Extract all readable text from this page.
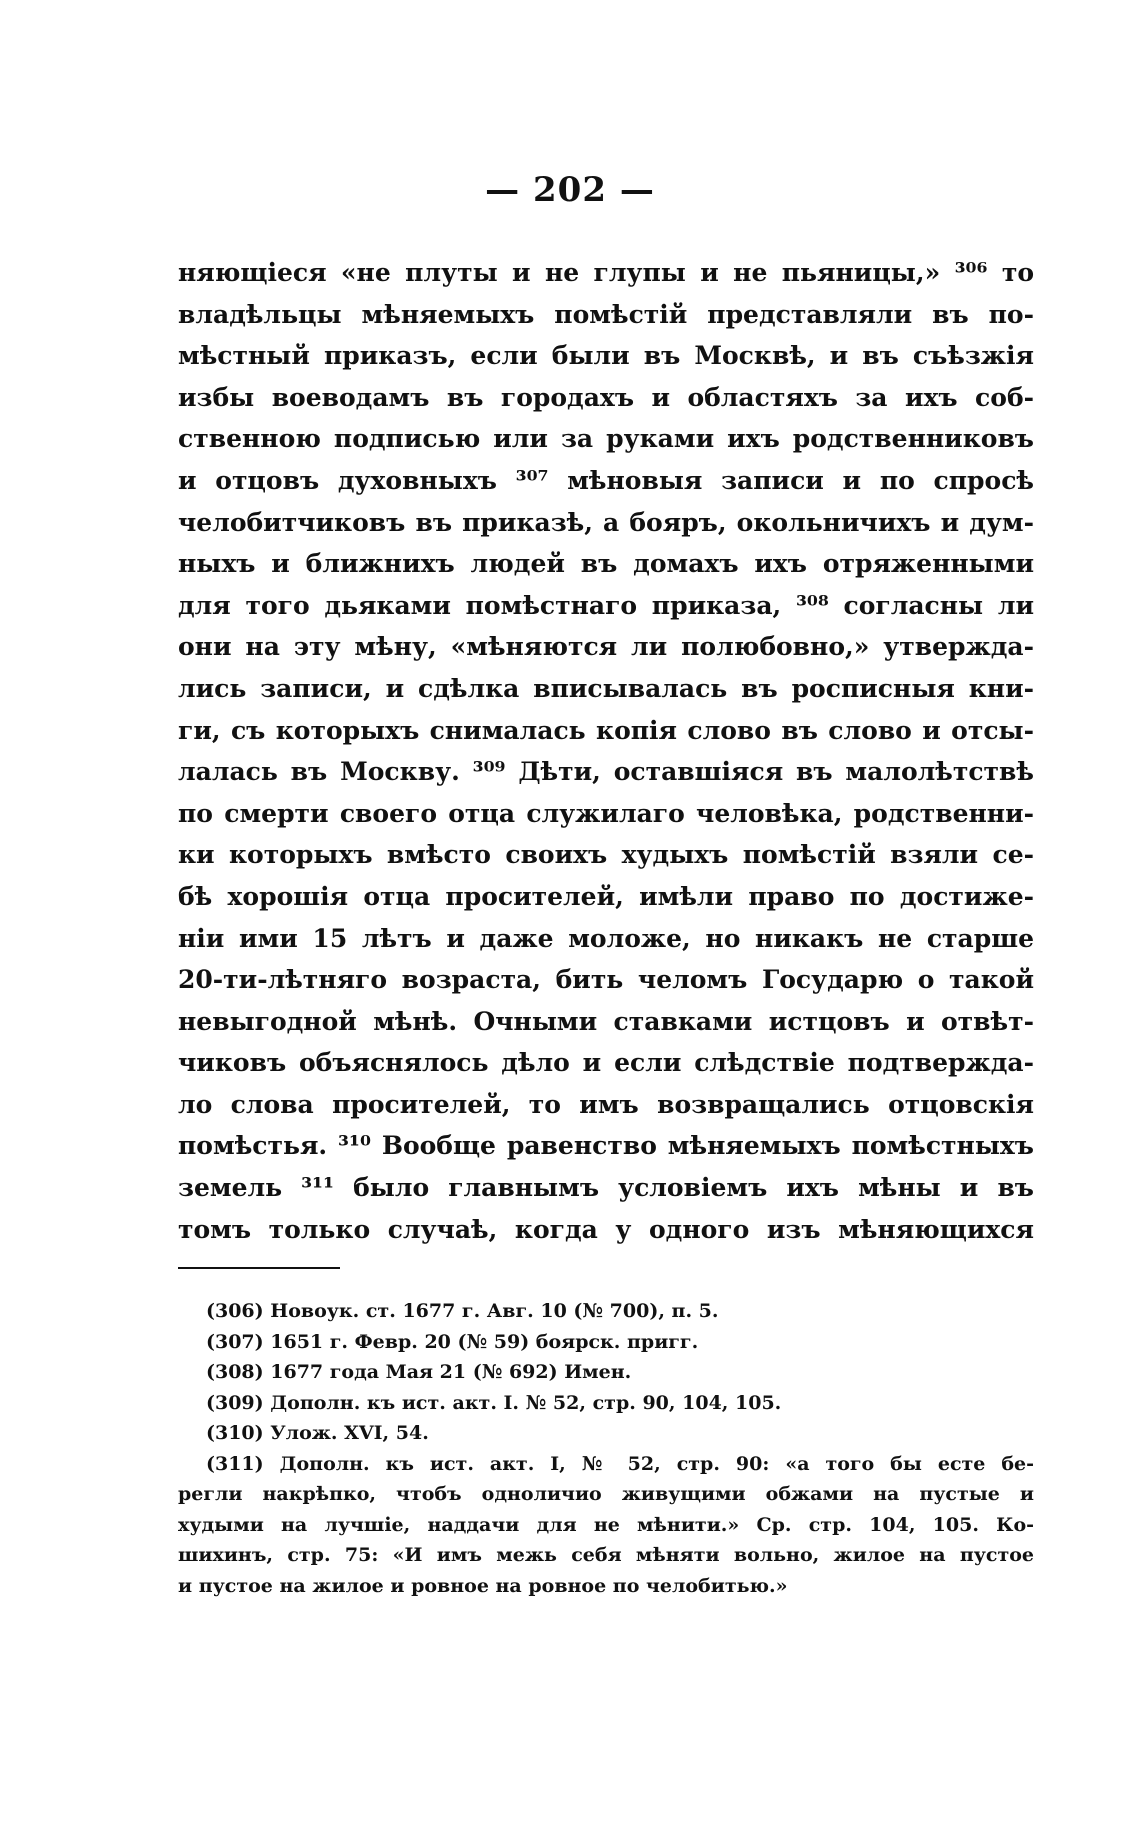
— 202 —
няющіеся «не плуты и не глупы и не пьяницы,» ³⁰⁶ то
владѣльцы мѣняемыхъ помѣстій представляли въ по-
мѣстный приказъ, если были въ Москвѣ, и въ съѣзжія
избы воеводамъ въ городахъ и областяхъ за ихъ соб-
ственною подписью или за руками ихъ родственниковъ
и отцовъ духовныхъ ³⁰⁷ мѣновыя записи и по спросѣ
челобитчиковъ въ приказѣ, а бояръ, окольничихъ и дум-
ныхъ и ближнихъ людей въ домахъ ихъ отряженными
для того дьяками помѣстнаго приказа, ³⁰⁸ согласны ли
они на эту мѣну, «мѣняются ли полюбовно,» утвержда-
лись записи, и сдѣлка вписывалась въ росписныя кни-
ги, съ которыхъ снималась копія слово въ слово и отсы-
лалась въ Москву. ³⁰⁹ Дѣти, оставшіяся въ малолѣтствѣ
по смерти своего отца служилаго человѣка, родственни-
ки которыхъ вмѣсто своихъ худыхъ помѣстій взяли се-
бѣ хорошія отца просителей, имѣли право по достиже-
ніи ими 15 лѣтъ и даже моложе, но никакъ не старше
20-ти-лѣтняго возраста, бить челомъ Государю о такой
невыгодной мѣнѣ. Очными ставками истцовъ и отвѣт-
чиковъ объяснялось дѣло и если слѣдствіе подтвержда-
ло слова просителей, то имъ возвращались отцовскія
помѣстья. ³¹⁰ Вообще равенство мѣняемыхъ помѣстныхъ
земель ³¹¹ было главнымъ условіемъ ихъ мѣны и въ
томъ только случаѣ, когда у одного изъ мѣняющихся
(306) Новоук. ст. 1677 г. Авг. 10 (№ 700), п. 5.
(307) 1651 г. Февр. 20 (№ 59) боярск. пригг.
(308) 1677 года Мая 21 (№ 692) Имен.
(309) Дополн. къ ист. акт. I. № 52, стр. 90, 104, 105.
(310) Улож. XVI, 54.
(311) Дополн. къ ист. акт. I, № 52, стр. 90: «а того бы есте бе-
регли накрѣпко, чтобъ одноличио живущими обжами на пустые и
худыми на лучшіе, наддачи для не мѣнити.» Ср. стр. 104, 105. Ко-
шихинъ, стр. 75: «И имъ межь себя мѣняти вольно, жилое на пустое
и пустое на жилое и ровное на ровное по челобитью.»
